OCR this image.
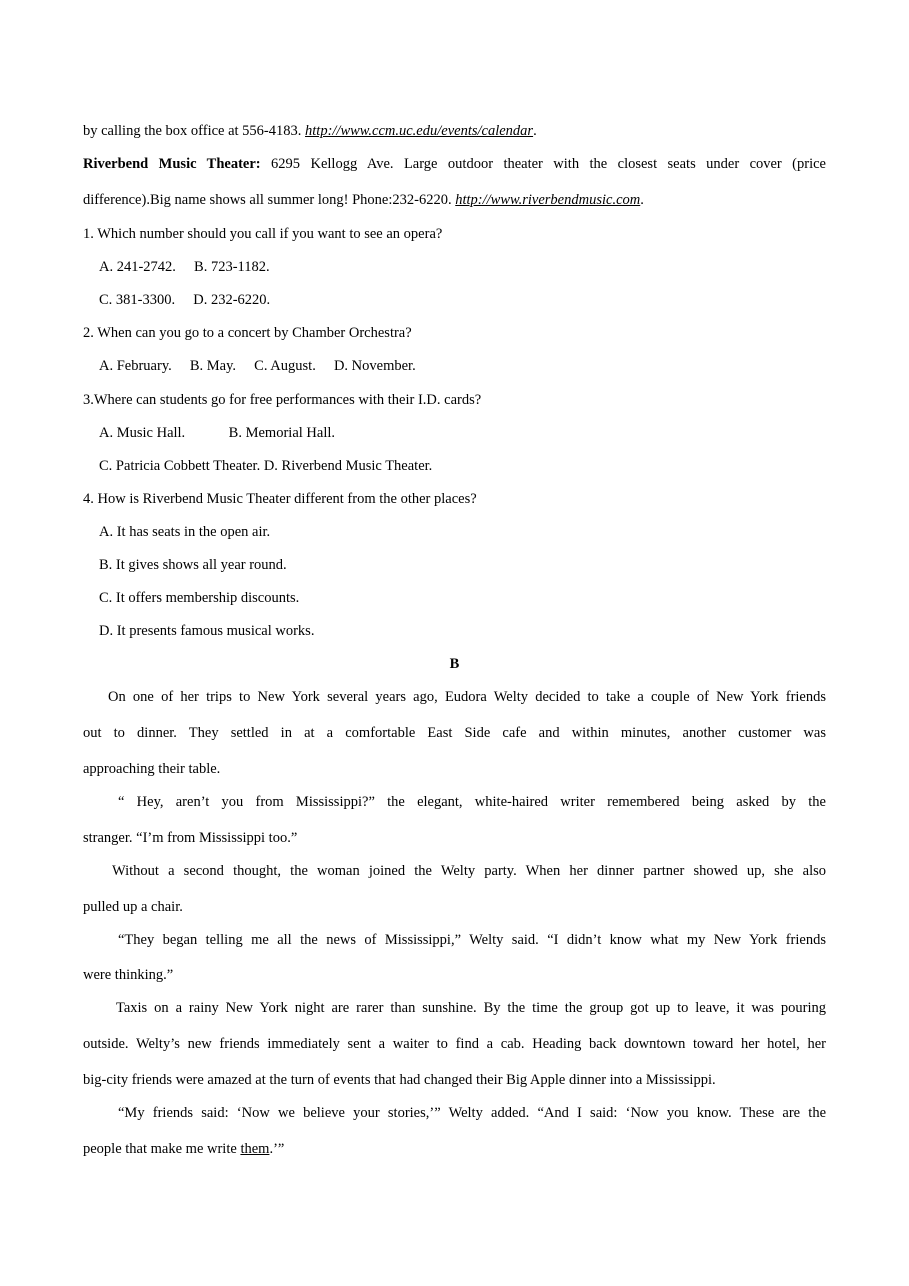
by calling the box office at 556-4183. http://www.ccm.uc.edu/events/calendar.
Riverbend Music Theater: 6295 Kellogg Ave. Large outdoor theater with the closest seats under cover (price
difference).Big name shows all summer long! Phone:232-6220. http://www.riverbendmusic.com.
1. Which number should you call if you want to see an opera?
A. 241-2742.     B. 723-1182.
C. 381-3300.     D. 232-6220.
2. When can you go to a concert by Chamber Orchestra?
A. February.     B. May.     C. August.     D. November.
3.Where can students go for free performances with their I.D. cards?
A. Music Hall.            B. Memorial Hall.
C. Patricia Cobbett Theater. D. Riverbend Music Theater.
4. How is Riverbend Music Theater different from the other places?
A. It has seats in the open air.
B. It gives shows all year round.
C. It offers membership discounts.
D. It presents famous musical works.
B
On one of her trips to New York several years ago, Eudora Welty decided to take a couple of New York friends
out to dinner. They settled in at a comfortable East Side cafe and within minutes, another customer was
approaching their table.
“ Hey, aren’t you from Mississippi?” the elegant, white-haired writer remembered being asked by the
stranger. “I’m from Mississippi too.”
Without a second thought, the woman joined the Welty party. When her dinner partner showed up, she also
pulled up a chair.
“They began telling me all the news of Mississippi,” Welty said. “I didn’t know what my New York friends
were thinking.”
Taxis on a rainy New York night are rarer than sunshine. By the time the group got up to leave, it was pouring
outside. Welty’s new friends immediately sent a waiter to find a cab. Heading back downtown toward her hotel, her
big-city friends were amazed at the turn of events that had changed their Big Apple dinner into a Mississippi.
“My friends said: ‘Now we believe your stories,’” Welty added. “And I said: ‘Now you know. These are the
people that make me write them.’”
